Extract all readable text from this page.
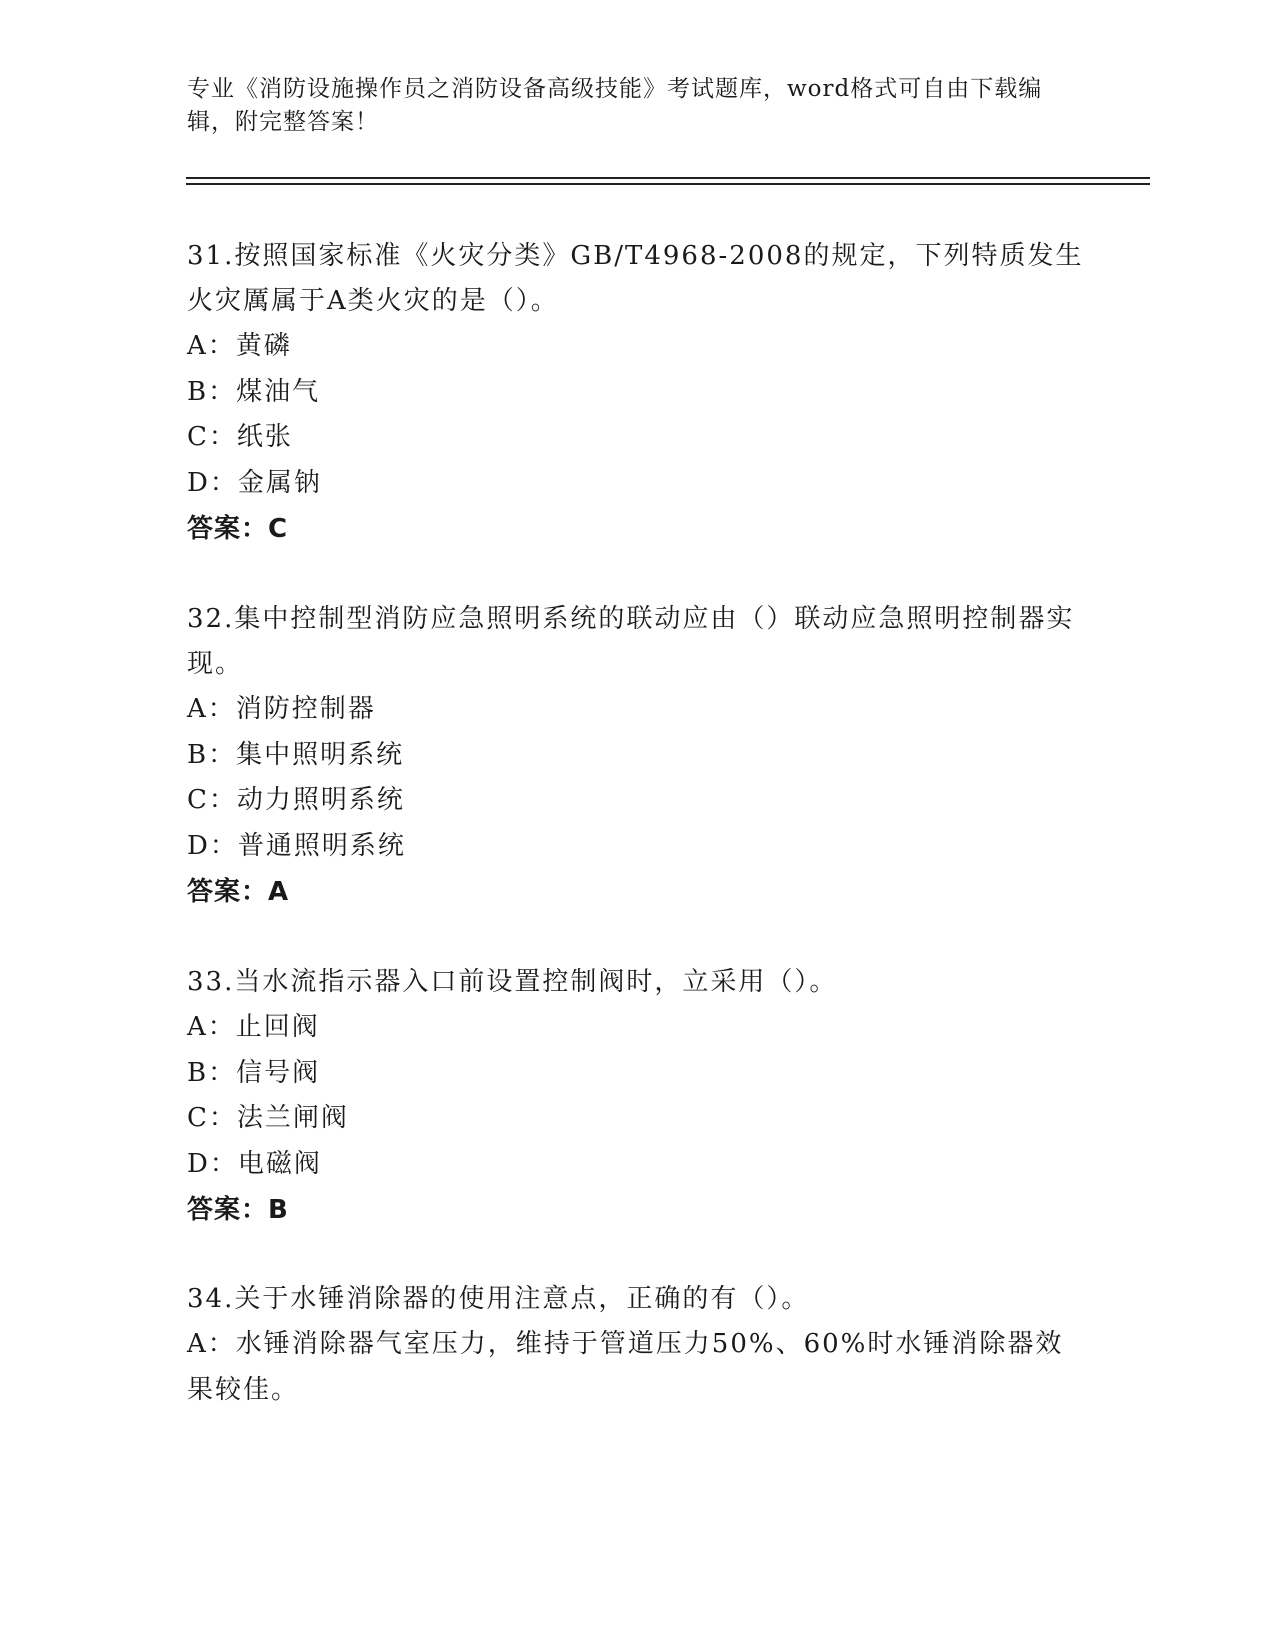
专业《消防设施操作员之消防设备高级技能》考试题库，word格式可自由下载编辑，附完整答案！
31.按照国家标准《火灾分类》GB/T4968-2008的规定，下列特质发生火灾厲属于A类火灾的是（）。
A：黄磷
B：煤油气
C：纸张
D：金属钠
答案：C
32.集中控制型消防应急照明系统的联动应由（）联动应急照明控制器实现。
A：消防控制器
B：集中照明系统
C：动力照明系统
D：普通照明系统
答案：A
33.当水流指示器入口前设置控制阀时，立采用（）。
A：止回阀
B：信号阀
C：法兰闸阀
D：电磁阀
答案：B
34.关于水锤消除器的使用注意点，正确的有（）。
A：水锤消除器气室压力，维持于管道压力50%、60%时水锤消除器效果较佳。
